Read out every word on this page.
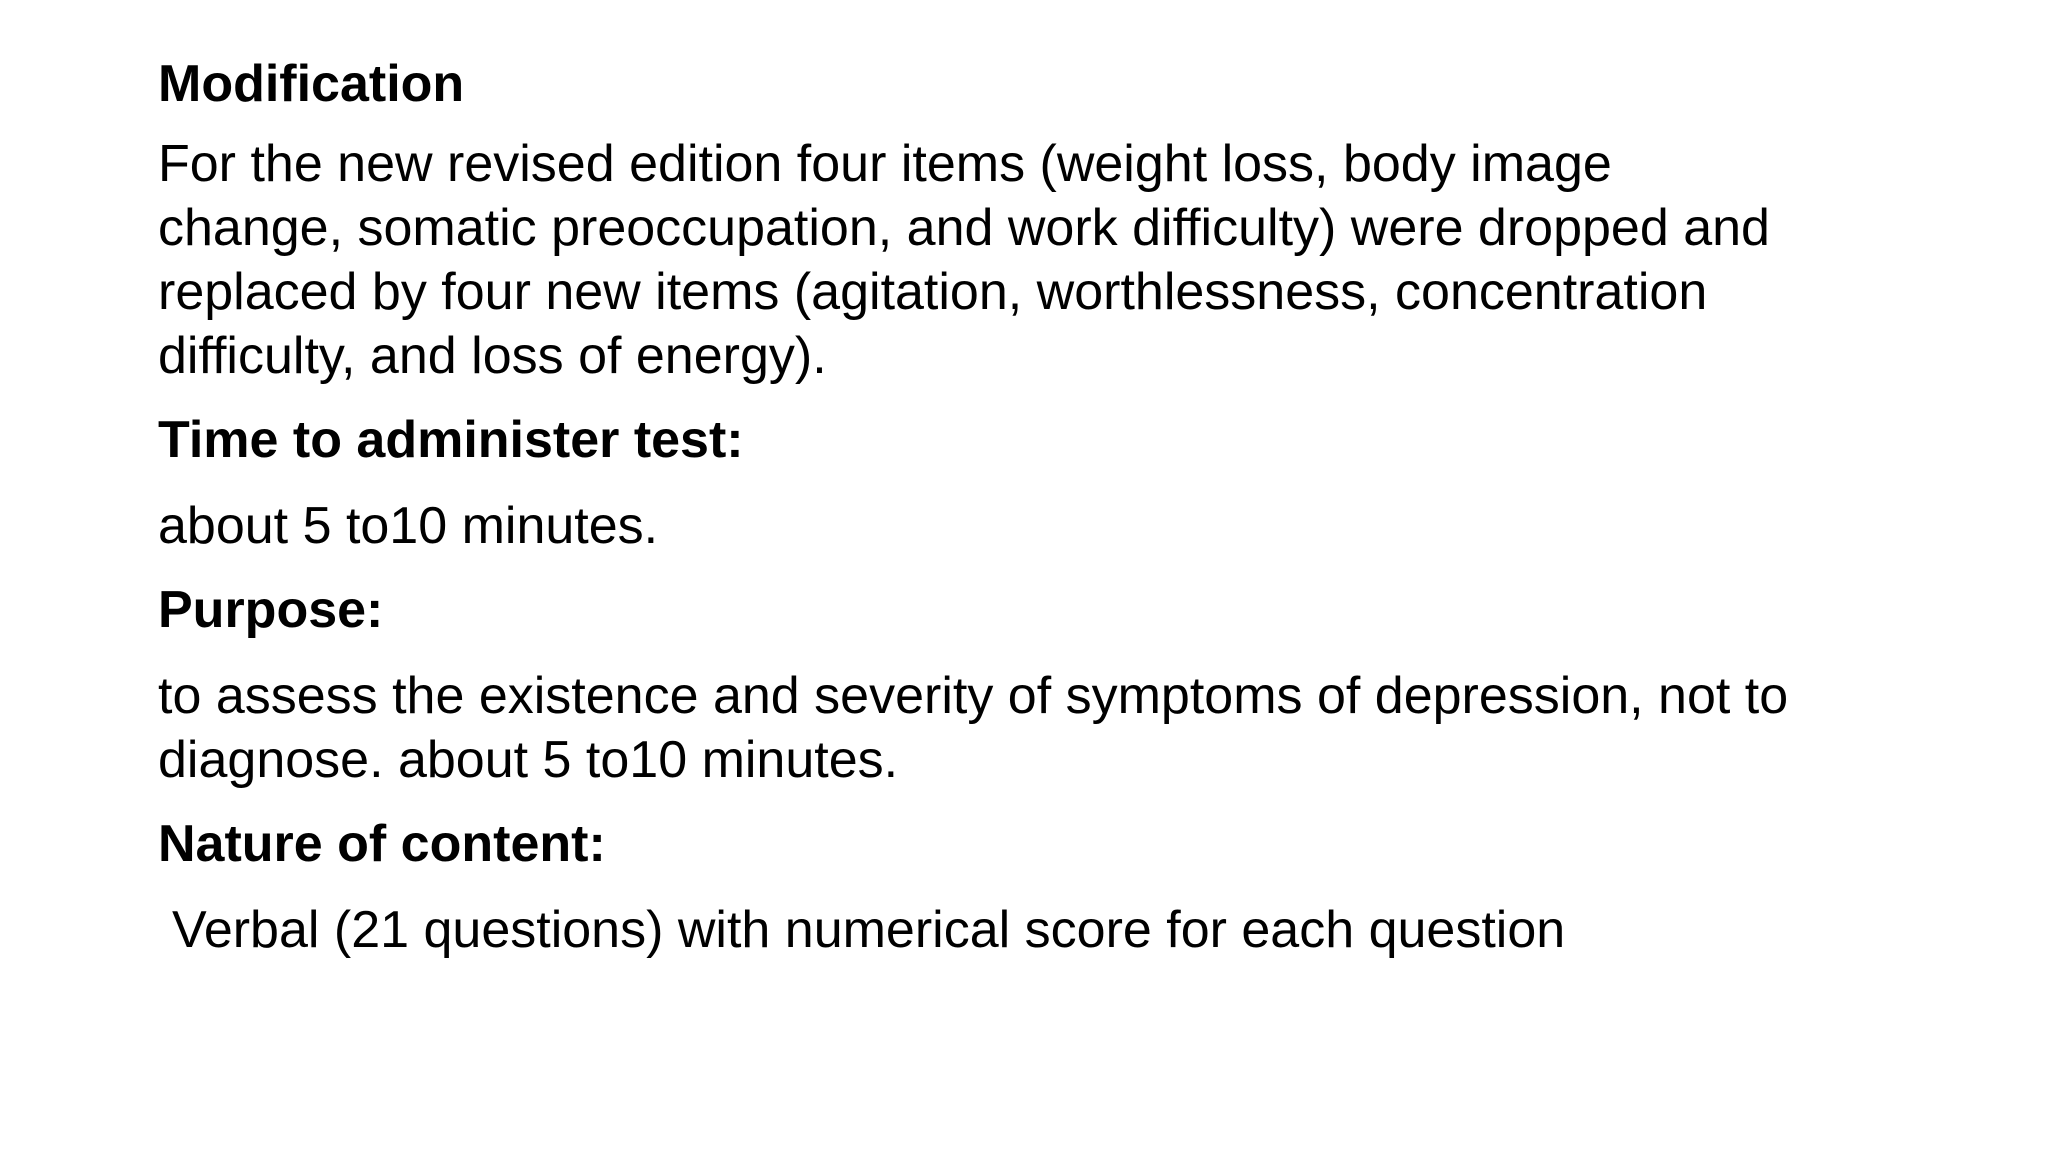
Modification

For the new revised edition four items (weight loss, body image
change, somatic preoccupation, and work difficulty) were dropped and
replaced by four new items (agitation, worthlessness, concentration
difficulty, and loss of energy).

Time to administer test:

about 5 to10 minutes.

Purpose:

to assess the existence and severity of symptoms of depression, not to
diagnose. about 5 to10 minutes.

Nature of content:

Verbal (21 questions) with numerical score for each question
